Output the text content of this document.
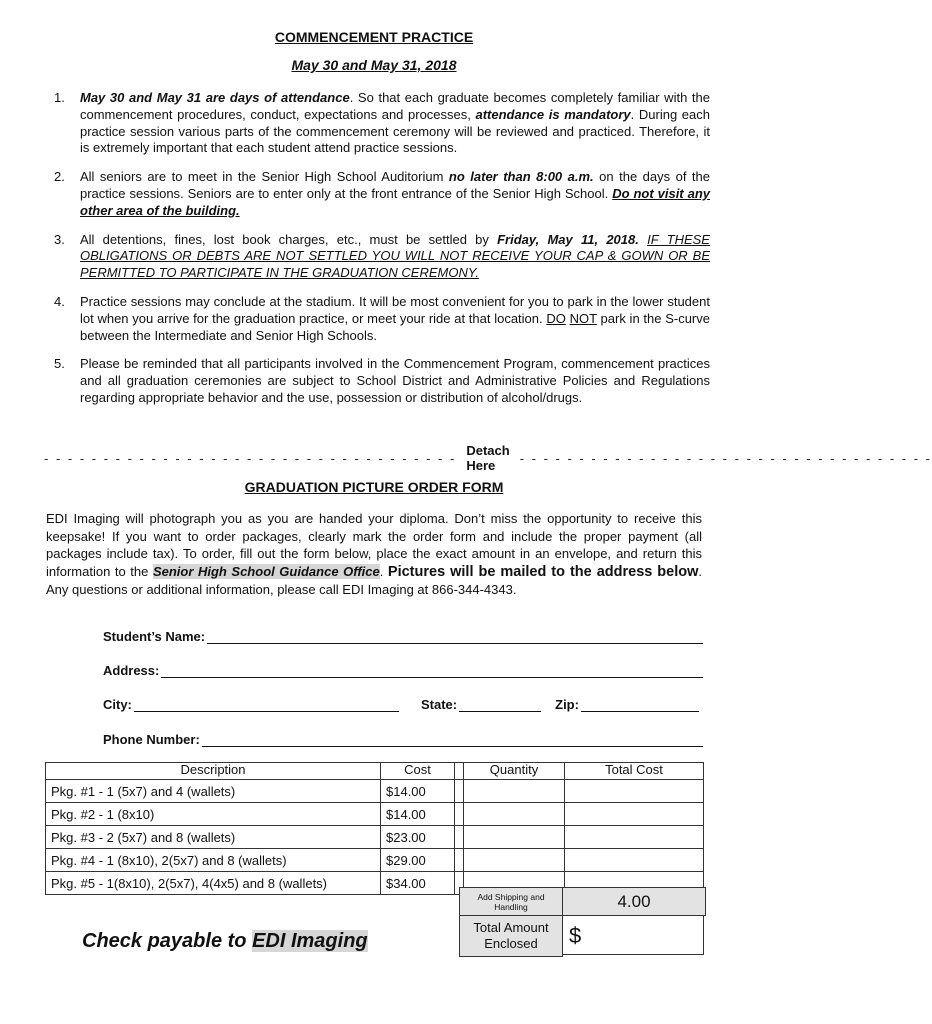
COMMENCEMENT PRACTICE
May 30 and May 31, 2018
1. May 30 and May 31 are days of attendance. So that each graduate becomes completely familiar with the commencement procedures, conduct, expectations and processes, attendance is mandatory. During each practice session various parts of the commencement ceremony will be reviewed and practiced. Therefore, it is extremely important that each student attend practice sessions.
2. All seniors are to meet in the Senior High School Auditorium no later than 8:00 a.m. on the days of the practice sessions. Seniors are to enter only at the front entrance of the Senior High School. Do not visit any other area of the building.
3. All detentions, fines, lost book charges, etc., must be settled by Friday, May 11, 2018. IF THESE OBLIGATIONS OR DEBTS ARE NOT SETTLED YOU WILL NOT RECEIVE YOUR CAP & GOWN OR BE PERMITTED TO PARTICIPATE IN THE GRADUATION CEREMONY.
4. Practice sessions may conclude at the stadium. It will be most convenient for you to park in the lower student lot when you arrive for the graduation practice, or meet your ride at that location. DO NOT park in the S-curve between the Intermediate and Senior High Schools.
5. Please be reminded that all participants involved in the Commencement Program, commencement practices and all graduation ceremonies are subject to School District and Administrative Policies and Regulations regarding appropriate behavior and the use, possession or distribution of alcohol/drugs.
- - - - - - - - - - - - - - - - - - - - - - - - - - - - - - - - - - - Detach Here	- - - - - - - - - - - - - - - - - - - - - - - - - - - - - - - - - - -
GRADUATION PICTURE ORDER FORM

EDI Imaging will photograph you as you are handed your diploma. Don’t miss the opportunity to receive this keepsake! If you want to order packages, clearly mark the order form and include the proper payment (all packages include tax). To order, fill out the form below, place the exact amount in an envelope, and return this information to the Senior High School Guidance Office. Pictures will be mailed to the address below. Any questions or additional information, please call EDI Imaging at 866-344-4343.

Student’s Name:
Address:
City:	State:	Zip:
Phone Number:
Description	Cost		Quantity	Total Cost
Pkg. #1 - 1 (5x7) and 4 (wallets)	$14.00			
Pkg. #2 - 1 (8x10)	$14.00			
Pkg. #3 - 2 (5x7) and 8 (wallets)	$23.00			
Pkg. #4 - 1 (8x10), 2(5x7) and 8 (wallets)	$29.00			
Pkg. #5 - 1(8x10), 2(5x7), 4(4x5) and 8 (wallets)	$34.00			
Add Shipping and
Handling	4.00
Total Amount
Enclosed	$
Check payable to EDI Imaging
